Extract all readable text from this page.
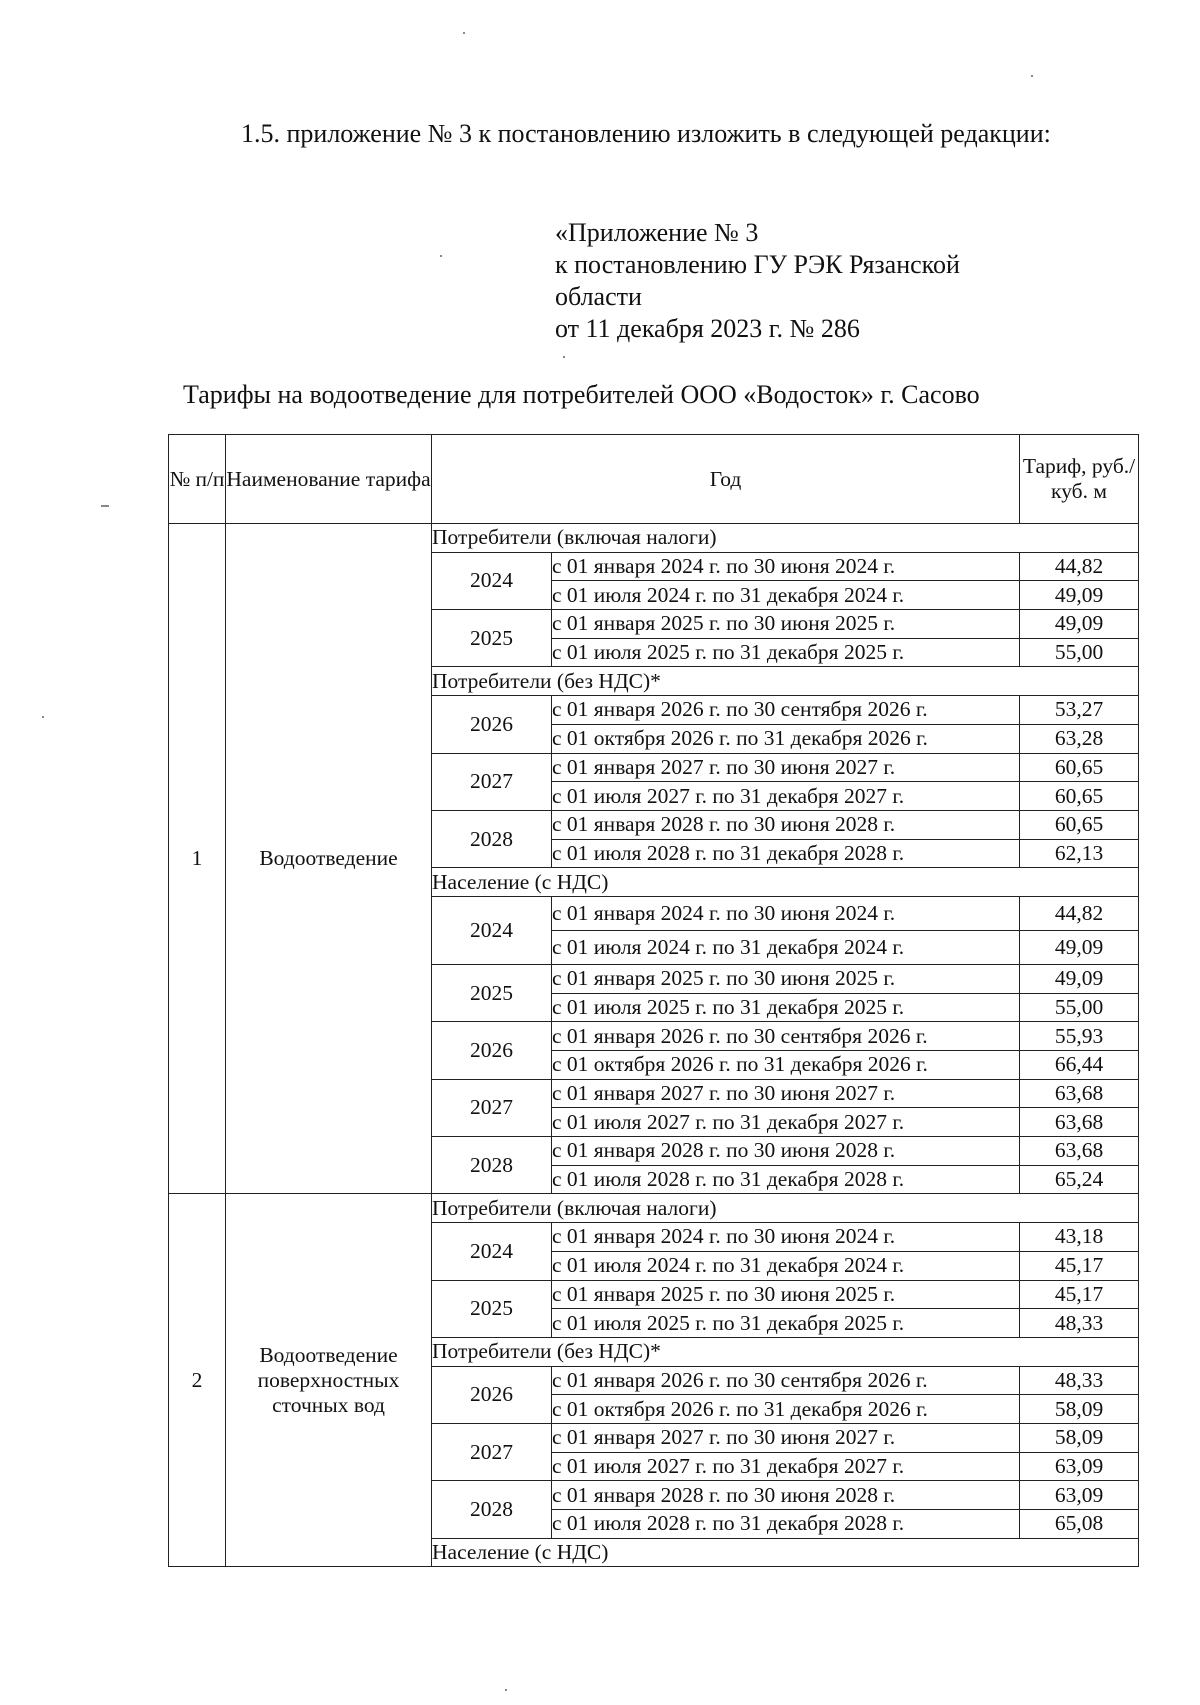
1.5. приложение № 3 к постановлению изложить в следующей редакции:
«Приложение № 3
к постановлению ГУ РЭК Рязанской
области
от 11 декабря 2023 г. № 286
Тарифы на водоотведение для потребителей ООО «Водосток» г. Сасово
№ п/п	Наименование тарифа	Год		Тариф, руб./куб. м
1	Водоотведение	Потребители (включая налоги)		
		2024	с 01 января 2024 г. по 30 июня 2024 г.	44,82
			с 01 июля 2024 г. по 31 декабря 2024 г.	49,09
		2025	с 01 января 2025 г. по 30 июня 2025 г.	49,09
			с 01 июля 2025 г. по 31 декабря 2025 г.	55,00
		Потребители (без НДС)*		
		2026	с 01 января 2026 г. по 30 сентября 2026 г.	53,27
			с 01 октября 2026 г. по 31 декабря 2026 г.	63,28
		2027	с 01 января 2027 г. по 30 июня 2027 г.	60,65
			с 01 июля 2027 г. по 31 декабря 2027 г.	60,65
		2028	с 01 января 2028 г. по 30 июня 2028 г.	60,65
			с 01 июля 2028 г. по 31 декабря 2028 г.	62,13
		Население (с НДС)		
		2024	с 01 января 2024 г. по 30 июня 2024 г.	44,82
			с 01 июля 2024 г. по 31 декабря 2024 г.	49,09
		2025	с 01 января 2025 г. по 30 июня 2025 г.	49,09
			с 01 июля 2025 г. по 31 декабря 2025 г.	55,00
		2026	с 01 января 2026 г. по 30 сентября 2026 г.	55,93
			с 01 октября 2026 г. по 31 декабря 2026 г.	66,44
		2027	с 01 января 2027 г. по 30 июня 2027 г.	63,68
			с 01 июля 2027 г. по 31 декабря 2027 г.	63,68
		2028	с 01 января 2028 г. по 30 июня 2028 г.	63,68
			с 01 июля 2028 г. по 31 декабря 2028 г.	65,24
2	Водоотведение поверхностных сточных вод	Потребители (включая налоги)		
		2024	с 01 января 2024 г. по 30 июня 2024 г.	43,18
			с 01 июля 2024 г. по 31 декабря 2024 г.	45,17
		2025	с 01 января 2025 г. по 30 июня 2025 г.	45,17
			с 01 июля 2025 г. по 31 декабря 2025 г.	48,33
		Потребители (без НДС)*		
		2026	с 01 января 2026 г. по 30 сентября 2026 г.	48,33
			с 01 октября 2026 г. по 31 декабря 2026 г.	58,09
		2027	с 01 января 2027 г. по 30 июня 2027 г.	58,09
			с 01 июля 2027 г. по 31 декабря 2027 г.	63,09
		2028	с 01 января 2028 г. по 30 июня 2028 г.	63,09
			с 01 июля 2028 г. по 31 декабря 2028 г.	65,08
		Население (с НДС)		
